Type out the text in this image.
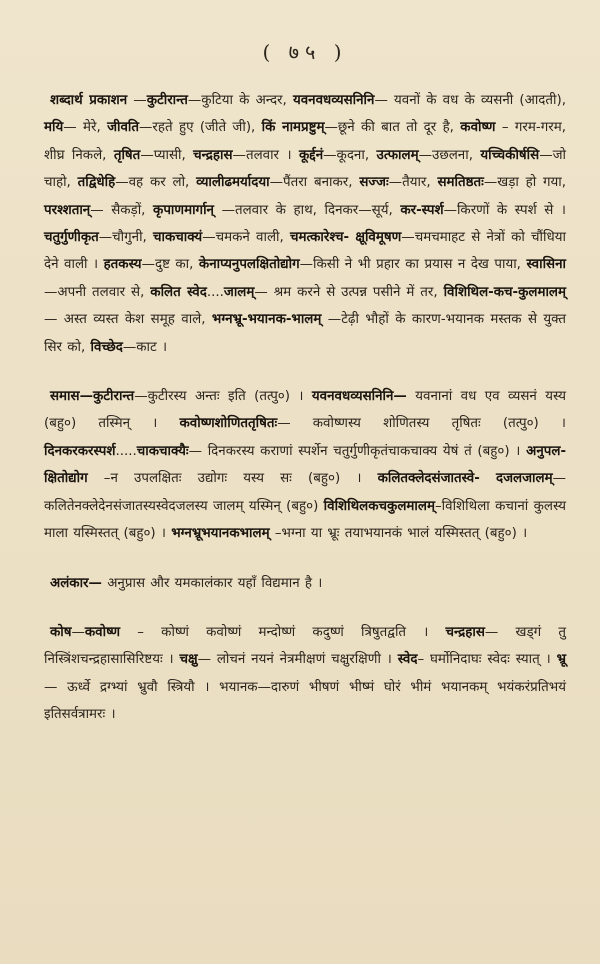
( ७५ )

शब्दार्थ प्रकाशन —कुटीरान्त—कुटिया के अन्दर, यवनवधव्यसनिनि— यवनों के वध के व्यसनी (आदती), मयि— मेरे, जीवति—रहते हुए (जीते जी), किं नामप्रष्टुम्—छूने की बात तो दूर है, कवोष्ण – गरम-गरम, शीघ्र निकले, तृषित—प्यासी, चन्द्रहास—तलवार । कूर्द्दनं—कूदना, उत्फालम्—उछलना, यच्चिकीर्षसि—जो चाहो, तद्विधेहि—वह कर लो, व्यालीढमर्यादया—पैंतरा बनाकर, सज्जः—तैयार, समतिष्ठतः—खड़ा हो गया, परश्शतान्— सैकड़ों, कृपाणमार्गान् —तलवार के हाथ, दिनकर—सूर्य, कर-स्पर्श—किरणों के स्पर्श से । चतुर्गुणीकृत—चौगुनी, चाकचाक्यं—चमकने वाली, चमत्कारेश्च- क्षूविमूषण—चमचमाहट से नेत्रों को चौंधिया देने वाली । हतकस्य—दुष्ट का, केनाप्यनुपलक्षितोद्योग—किसी ने भी प्रहार का प्रयास न देख पाया, स्वासिना—अपनी तलवार से, कलित स्वेद....जालम्— श्रम करने से उत्पन्न पसीने में तर, विशिथिल-कच-कुलमालम्— अस्त व्यस्त केश समूह वाले, भग्नभ्रू-भयानक-भालम् —टेढ़ी भौहों के कारण-भयानक मस्तक से युक्त सिर को, विच्छेद—काट ।

समास—कुटीरान्त—कुटीरस्य अन्तः इति (तत्पु०) । यवनवधव्यसनिनि— यवनानां वध एव व्यसनं यस्य (बहु०) तस्मिन् । कवोष्णशोणिततृषितः— कवोष्णस्य शोणितस्य तृषितः (तत्पु०) । दिनकरकरस्पर्श.....चाकचाक्यैः— दिनकरस्य कराणां स्पर्शेन चतुर्गुणीकृतंचाकचाक्य येषं तं (बहु०) । अनुपल- क्षितोद्योग –न उपलक्षितः उद्योगः यस्य सः (बहु०) । कलितक्लेदसंजातस्वे- दजलजालम्— कलितेनक्लेदेनसंजातस्यस्वेदजलस्य जालम् यस्मिन् (बहु०) विशिथिलकचकुलमालम्–विशिथिला कचानां कुलस्य माला यस्मिस्तत् (बहु०) । भग्नभ्रूभयानकभालम् –भग्ना या भ्रूः तयाभयानकं भालं यस्मिस्तत् (बहु०) ।

अलंकार— अनुप्रास और यमकालंकार यहाँ विद्यमान है ।

कोष—कवोष्ण – कोष्णं कवोष्णं मन्दोष्णं कदुष्णं त्रिषुतद्वति । चन्द्रहास— खड्गं तु निस्त्रिंशचन्द्रहासासिरिष्टयः । चक्षु— लोचनं नयनं नेत्रमीक्षणं चक्षुरक्षिणी । स्वेद– घर्मोनिदाघः स्वेदः स्यात् । भ्रू— ऊर्ध्वे द्रग्भ्यां भ्रुवौ स्त्रियौ । भयानक—दारुणं भीषणं भीष्मं घोरं भीमं भयानकम् भयंकरंप्रतिभयं इतिसर्वत्रामरः ।
